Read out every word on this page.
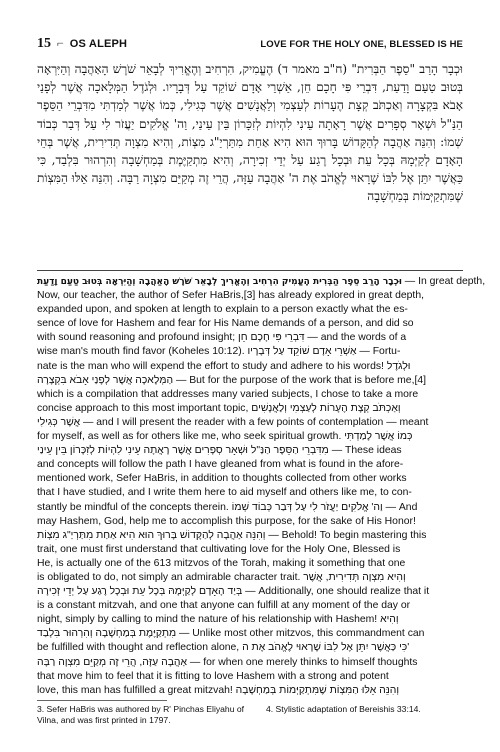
15 ⌐ OS ALEPH	LOVE FOR THE HOLY ONE, BLESSED IS HE
וּכְבָר הָרַב "סֵפֶר הַבְּרִית" (ח"ב מאמר ד) הֶעֱמִיק, הִרְחִיב וְהֶאֱרִיךְ לְבָאֵר שֹׁרֶשׁ הָאַהֲבָה וְהַיִּרְאָה בְּטוּב טַעַם וָדַעַת, דִּבְרֵי פִּי חָכָם חֵן, אַשְׁרֵי אָדָם שׁוֹקֵד עַל דְּבָרָיו. וּלְגֹדֶל הַמְּלָאכָה אֲשֶׁר לְפָנַי אָבֹא בִּקְצָרָה וְאַכְתֹּב קְצָת הֶעָרוֹת לְעַצְמִי וְלַאֲנָשִׁים אֲשֶׁר כְּגִילִי, כְּמוֹ אֲשֶׁר לְמַדְתִּי מִדִּבְרֵי הַסֵּפֶר הַנַּ"ל וּשְׁאָר סְפָרִים אֲשֶׁר רָאָתָה עֵינִי לִהְיוֹת לְזִכָּרוֹן בֵּין עֵינַי, וַה' אֱלֹקִים יַעֲזֹר לִי עַל דְּבַר כְּבוֹד שְׁמוֹ: וְהִנֵּה אַהֲבָה לְהַקָּדוֹשׁ בָּרוּךְ הוּא הִיא אַחַת מִתַּרְיַ"ג מִצְוֹת, וְהִיא מִצְוָה תְּדִירִית, אֲשֶׁר בְּחֵי הָאָדָם לְקַיְּמָהּ בְּכָל עֵת וּבְכָל רֶגַע עַל יְדֵי זְכִירָה, וְהִיא מִתְקַיֶּמֶת בְּמַחְשָׁבָה וְהִרְהוּר בִּלְבַד, כִּי כַּאֲשֶׁר יִתֵּן אֶל לִבּוֹ שֶׁרָאוּי לֶאֱהֹב אֶת ה' אַהֲבָה עַזָּה, הֲרֵי זֶה מְקַיֵּם מִצְוָה רַבָּה. וְהִנֵּה אֵלּוּ הַמִּצְוֹת שֶׁמִּתְקַיְּמוֹת בְּמַחְשָׁבָה
וּכְבָר הָרַב סֵפֶר הַבְּרִית הֶעֱמִיק הִרְחִיב וְהֶאֱרִיךְ לְבָאֵר שֹׁרֶשׁ הָאַהֲבָה וְהַיִּרְאָה בְּטוּב טַעַם וָדַעַת — In great depth,
Now, our teacher, the author of Sefer HaBris,[3] has already explored in great depth,
expanded upon, and spoken at length to explain to a person exactly what the es-
sence of love for Hashem and fear for His Name demands of a person, and did so
with sound reasoning and profound insight; דִּבְרֵי פִּי חָכָם חֵן — and the words of a
wise man's mouth find favor (Koheles 10:12). אַשְׁרֵי אָדָם שׁוֹקֵד עַל דְּבָרָיו — Fortu-
nate is the man who will expend the effort to study and adhere to his words! וּלְגֹדֶל
הַמְּלָאכָה אֲשֶׁר לְפָנַי אָבֹא בִּקְצָרָה — But for the purpose of the work that is before me,[4]
which is a compilation that addresses many varied subjects, I chose to take a more
concise approach to this most important topic, וְאַכְתֹּב קְצָת הֶעָרוֹת לְעַצְמִי וְלַאֲנָשִׁים
אֲשֶׁר כְּגִילִי — and I will present the reader with a few points of contemplation — meant
for myself, as well as for others like me, who seek spiritual growth. כְּמוֹ אֲשֶׁר לָמַדְתִּי
מִדִּבְרֵי הַסֵּפֶר הַנַּ"ל וּשְׁאָר סְפָרִים אֲשֶׁר רָאֲתָה עֵינִי לִהְיוֹת לְזִכָּרוֹן בֵּין עֵינַי — These ideas
and concepts will follow the path I have gleaned from what is found in the afore-
mentioned work, Sefer HaBris, in addition to thoughts collected from other works
that I have studied, and I write them here to aid myself and others like me, to con-
stantly be mindful of the concepts therein. וַה' אֱלֹקִים יַעֲזֹר לִי עַל דְּבַר כְּבוֹד שְׁמוֹ — And
may Hashem, God, help me to accomplish this purpose, for the sake of His Honor!
וְהִנֵּה אַהֲבָה לְהַקָּדוֹשׁ בָּרוּךְ הוּא הִיא אַחַת מִתַּרְיַ"ג מִצְוֹת — Behold! To begin mastering this
trait, one must first understand that cultivating love for the Holy One, Blessed is
He, is actually one of the 613 mitzvos of the Torah, making it something that one
is obligated to do, not simply an admirable character trait. וְהִיא מִצְוָה תְּדִירִית, אֲשֶׁר
בְּיַד הָאָדָם לְקַיְּמָהּ בְּכָל עֵת וּבְכָל רֶגַע עַל יְדֵי זְכִירָה — Additionally, one should realize that it
is a constant mitzvah, and one that anyone can fulfill at any moment of the day or
night, simply by calling to mind the nature of his relationship with Hashem! וְהִיא
מִתְקַיֶּמֶת בְּמַחְשָׁבָה וְהִרְהוּר בִּלְבַד — Unlike most other mitzvos, this commandment can
be fulfilled with thought and reflection alone, כִּי כַּאֲשֶׁר יִתֵּן אֶל לִבּוֹ שֶׁרָאוּי לֶאֱהֹב אֶת ה'
אַהֲבָה עַזָּה, הֲרֵי זֶה מְקַיֵּם מִצְוָה רַבָּה — for when one merely thinks to himself thoughts
that move him to feel that it is fitting to love Hashem with a strong and potent
love, this man has fulfilled a great mitzvah! וְהִנֵּה אֵלּוּ הַמִּצְוֹת שֶׁמִּתְקַיְּמוֹת בְּמַחְשָׁבָה
3. Sefer HaBris was authored by R' Pinchas Eliyahu of Vilna, and was first printed in 1797.
4. Stylistic adaptation of Bereishis 33:14.
